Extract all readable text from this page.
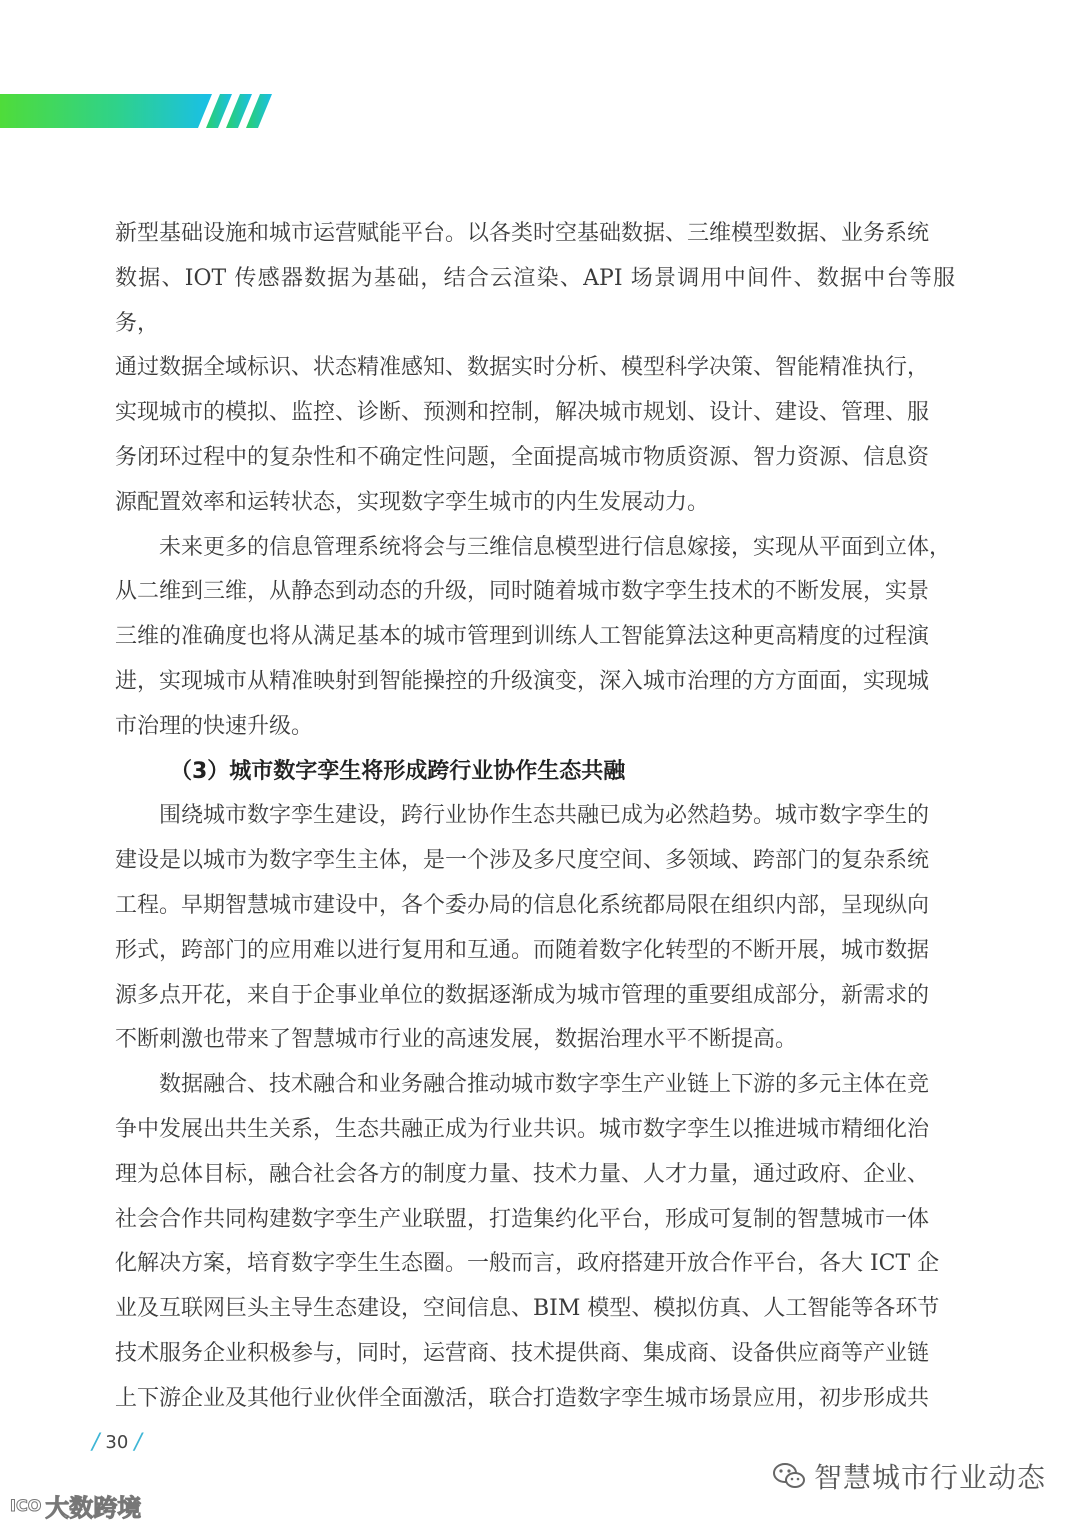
新型基础设施和城市运营赋能平台。以各类时空基础数据、三维模型数据、业务系统

数据、IOT 传感器数据为基础，结合云渲染、API 场景调用中间件、数据中台等服务，

通过数据全域标识、状态精准感知、数据实时分析、模型科学决策、智能精准执行，

实现城市的模拟、监控、诊断、预测和控制，解决城市规划、设计、建设、管理、服

务闭环过程中的复杂性和不确定性问题，全面提高城市物质资源、智力资源、信息资

源配置效率和运转状态，实现数字孪生城市的内生发展动力。

未来更多的信息管理系统将会与三维信息模型进行信息嫁接，实现从平面到立体，

从二维到三维，从静态到动态的升级，同时随着城市数字孪生技术的不断发展，实景

三维的准确度也将从满足基本的城市管理到训练人工智能算法这种更高精度的过程演

进，实现城市从精准映射到智能操控的升级演变，深入城市治理的方方面面，实现城

市治理的快速升级。

（3）城市数字孪生将形成跨行业协作生态共融

围绕城市数字孪生建设，跨行业协作生态共融已成为必然趋势。城市数字孪生的

建设是以城市为数字孪生主体，是一个涉及多尺度空间、多领域、跨部门的复杂系统

工程。早期智慧城市建设中，各个委办局的信息化系统都局限在组织内部，呈现纵向

形式，跨部门的应用难以进行复用和互通。而随着数字化转型的不断开展，城市数据

源多点开花，来自于企事业单位的数据逐渐成为城市管理的重要组成部分，新需求的

不断刺激也带来了智慧城市行业的高速发展，数据治理水平不断提高。

数据融合、技术融合和业务融合推动城市数字孪生产业链上下游的多元主体在竞

争中发展出共生关系，生态共融正成为行业共识。城市数字孪生以推进城市精细化治

理为总体目标，融合社会各方的制度力量、技术力量、人才力量，通过政府、企业、

社会合作共同构建数字孪生产业联盟，打造集约化平台，形成可复制的智慧城市一体

化解决方案，培育数字孪生生态圈。一般而言，政府搭建开放合作平台，各大 ICT 企

业及互联网巨头主导生态建设，空间信息、BIM 模型、模拟仿真、人工智能等各环节

技术服务企业积极参与，同时，运营商、技术提供商、集成商、设备供应商等产业链

上下游企业及其他行业伙伴全面激活，联合打造数字孪生城市场景应用，初步形成共

/ 30 /
智慧城市行业动态
ICO 大数跨境
